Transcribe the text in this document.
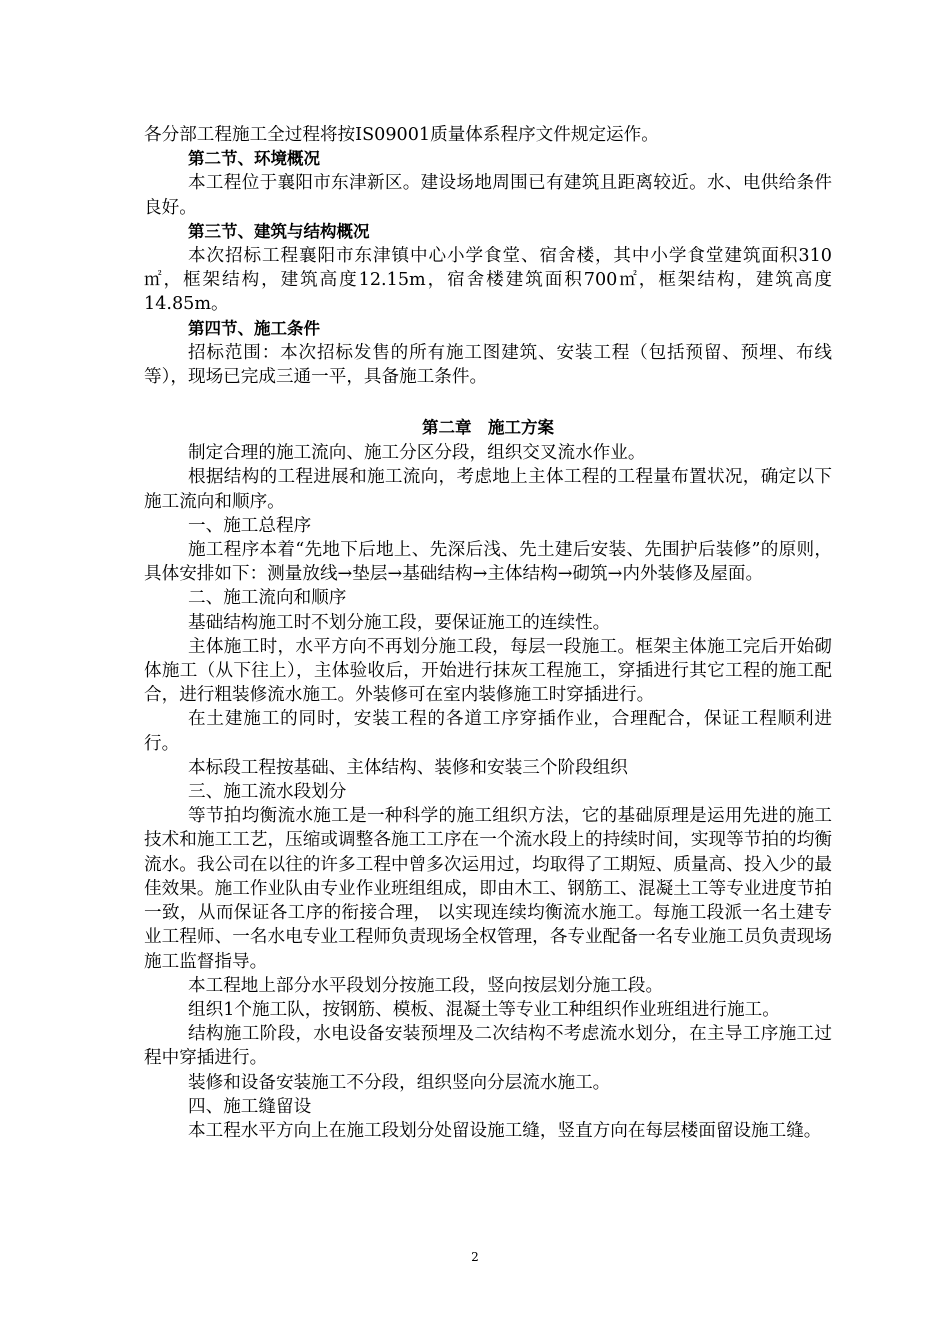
各分部工程施工全过程将按IS09001质量体系程序文件规定运作。

第二节、环境概况

本工程位于襄阳市东津新区。建设场地周围已有建筑且距离较近。水、电供给条件良好。

第三节、建筑与结构概况

本次招标工程襄阳市东津镇中心小学食堂、宿舍楼，其中小学食堂建筑面积310㎡，框架结构，建筑高度12.15m，宿舍楼建筑面积700㎡，框架结构，建筑高度14.85m。

第四节、施工条件

招标范围：本次招标发售的所有施工图建筑、安装工程（包括预留、预埋、布线等），现场已完成三通一平，具备施工条件。

第二章　施工方案

制定合理的施工流向、施工分区分段，组织交叉流水作业。

根据结构的工程进展和施工流向，考虑地上主体工程的工程量布置状况，确定以下施工流向和顺序。

一、施工总程序

施工程序本着“先地下后地上、先深后浅、先土建后安装、先围护后装修”的原则，具体安排如下：测量放线→垫层→基础结构→主体结构→砌筑→内外装修及屋面。

二、施工流向和顺序

基础结构施工时不划分施工段，要保证施工的连续性。

主体施工时，水平方向不再划分施工段，每层一段施工。框架主体施工完后开始砌体施工（从下往上），主体验收后，开始进行抹灰工程施工，穿插进行其它工程的施工配合，进行粗装修流水施工。外装修可在室内装修施工时穿插进行。

在土建施工的同时，安装工程的各道工序穿插作业，合理配合，保证工程顺利进行。

本标段工程按基础、主体结构、装修和安装三个阶段组织

三、施工流水段划分

等节拍均衡流水施工是一种科学的施工组织方法，它的基础原理是运用先进的施工技术和施工工艺，压缩或调整各施工工序在一个流水段上的持续时间，实现等节拍的均衡流水。我公司在以往的许多工程中曾多次运用过，均取得了工期短、质量高、投入少的最佳效果。施工作业队由专业作业班组组成，即由木工、钢筋工、混凝土工等专业进度节拍一致，从而保证各工序的衔接合理， 以实现连续均衡流水施工。每施工段派一名土建专业工程师、一名水电专业工程师负责现场全权管理，各专业配备一名专业施工员负责现场施工监督指导。

本工程地上部分水平段划分按施工段，竖向按层划分施工段。

组织1个施工队，按钢筋、模板、混凝土等专业工种组织作业班组进行施工。

结构施工阶段，水电设备安装预埋及二次结构不考虑流水划分，在主导工序施工过程中穿插进行。

装修和设备安装施工不分段，组织竖向分层流水施工。

四、施工缝留设

本工程水平方向上在施工段划分处留设施工缝，竖直方向在每层楼面留设施工缝。

2
